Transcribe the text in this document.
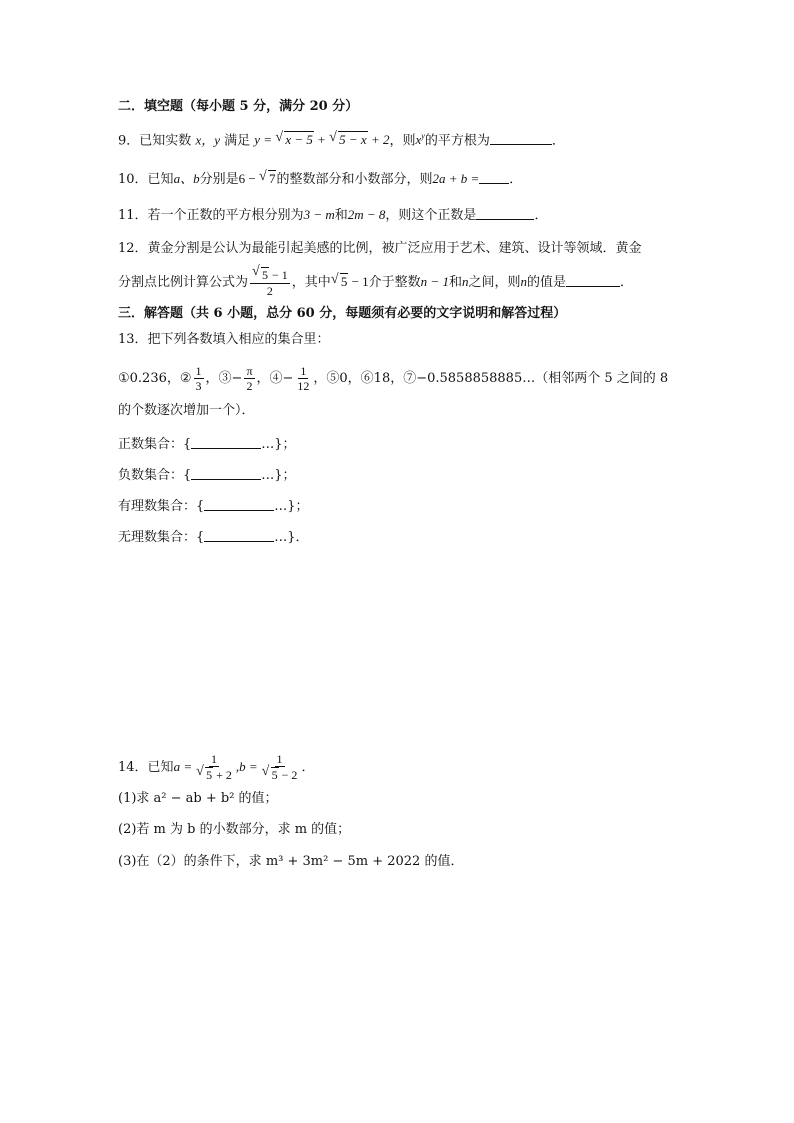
二．填空题（每小题 5 分，满分 20 分）
9．已知实数 x，y 满足 y = √ x − 5 + √ 5 − x + 2，则$x^y$的平方根为	．
10．已知a、b分别是6 − √ 7的整数部分和小数部分，则2a + b = ．
11．若一个正数的平方根分别为3 − m和2m − 8，则这个正数是	．
12．黄金分割是公认为最能引起美感的比例，被广泛应用于艺术、建筑、设计等领域．黄金
分割点比例计算公式为 √ $\frac{5 - 1}{2}$ ，其中 √ 5 − 1介于整数n − 1和n之间，则n的值是	．
三．解答题（共 6 小题，总分 60 分，每题须有必要的文字说明和解答过程）
13．把下列各数填入相应的集合里：
①0.236，② $\frac{1}{3}$ ，③− $\frac{\pi}{2}$ ，④− $\frac{1}{12}$ ，⑤0，⑥18，⑦−0.5858858885…（相邻两个 5 之间的 8
的个数逐次增加一个）．
正数集合：{	…}；
负数集合：{	…}；
有理数集合：{	…}；
无理数集合：{	…}．
14．已知a = 1
√ 5 + 2 ,b = 1
√ 5 − 2 ．
(1)求 a² − ab + b² 的值；
(2)若 m 为 b 的小数部分，求 m 的值；
(3)在（2）的条件下，求 m³ + 3m² − 5m + 2022 的值．
